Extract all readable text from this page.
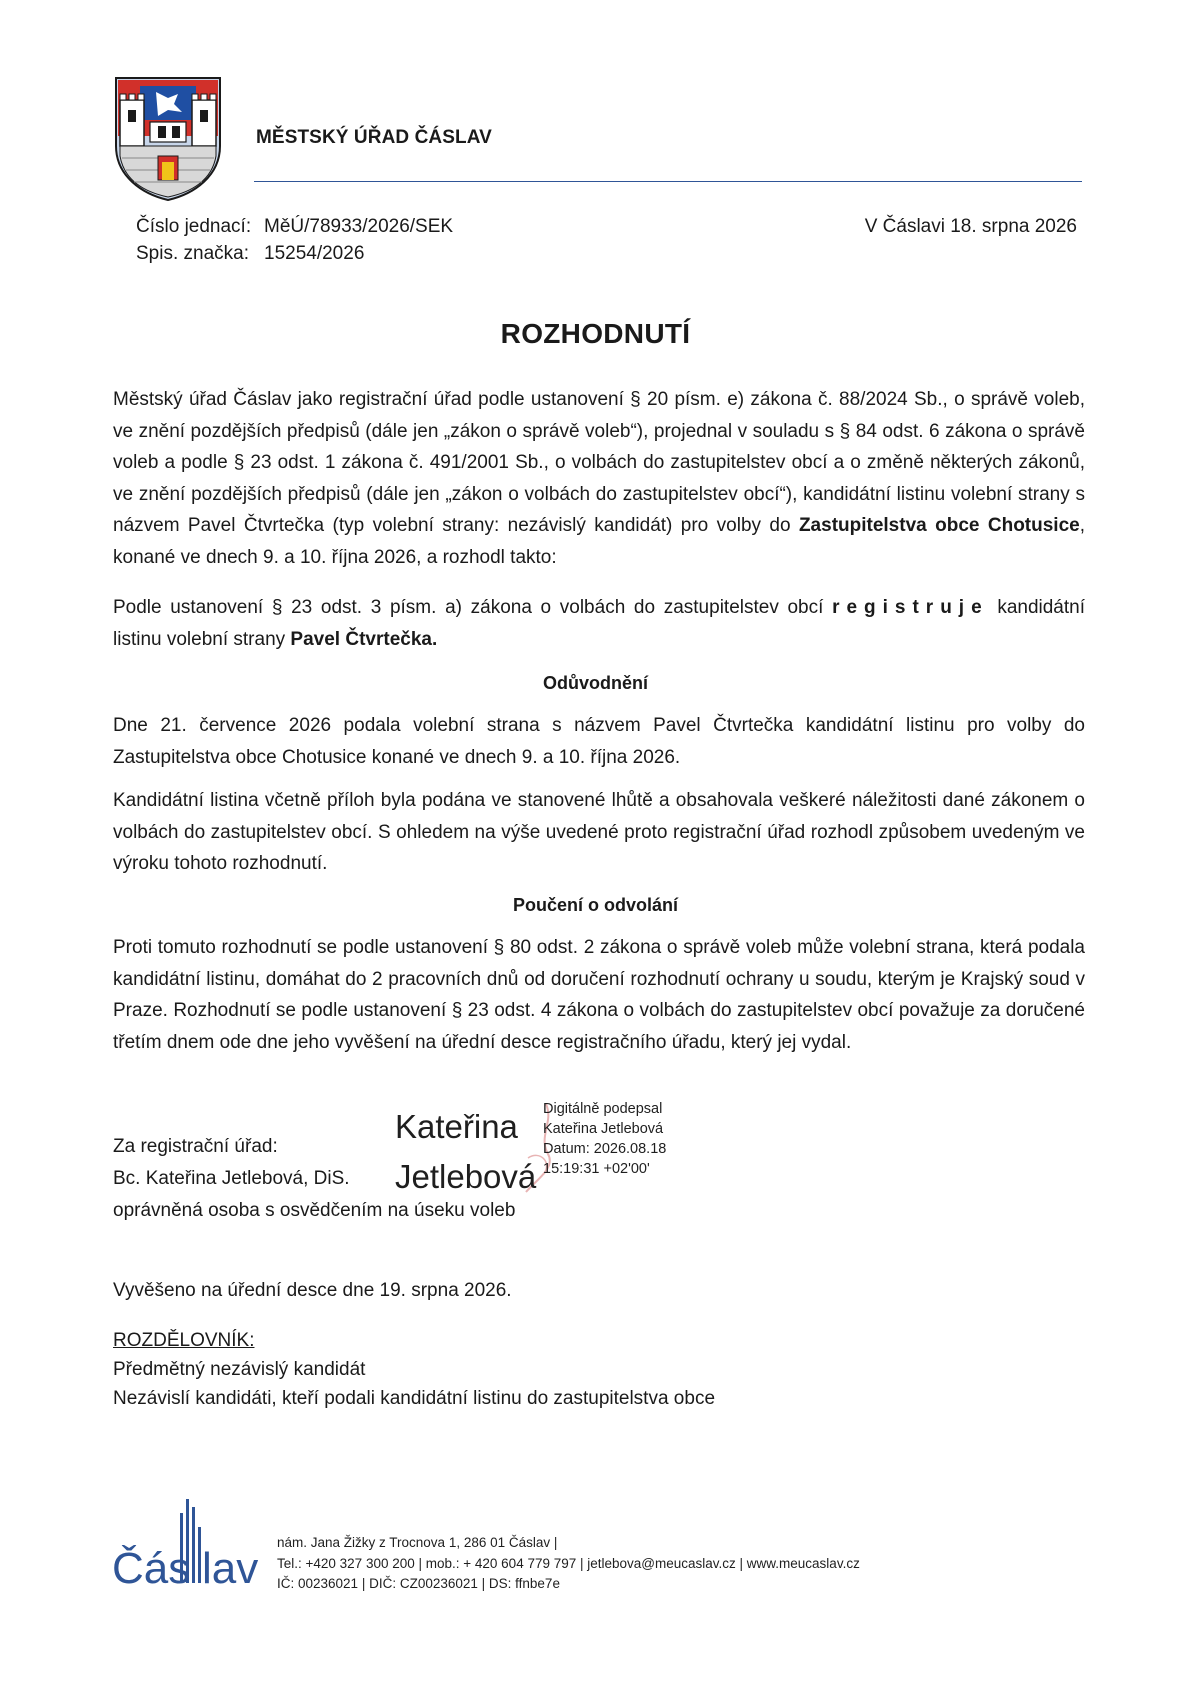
MĚSTSKÝ ÚŘAD ČÁSLAV
Číslo jednací: MěÚ/78933/2026/SEK
Spis. značka: 15254/2026
V Čáslavi 18. srpna 2026
ROZHODNUTÍ

Městský úřad Čáslav jako registrační úřad podle ustanovení § 20 písm. e) zákona č. 88/2024 Sb., o správě voleb, ve znění pozdějších předpisů (dále jen „zákon o správě voleb“), projednal v souladu s § 84 odst. 6 zákona o správě voleb a podle § 23 odst. 1 zákona č. 491/2001 Sb., o volbách do zastupitelstev obcí a o změně některých zákonů, ve znění pozdějších předpisů (dále jen „zákon o volbách do zastupitelstev obcí“), kandidátní listinu volební strany s názvem Pavel Čtvrtečka (typ volební strany: nezávislý kandidát) pro volby do Zastupitelstva obce Chotusice, konané ve dnech 9. a 10. října 2026, a rozhodl takto:

Podle ustanovení § 23 odst. 3 písm. a) zákona o volbách do zastupitelstev obcí registruje kandidátní listinu volební strany Pavel Čtvrtečka.

Odůvodnění

Dne 21. července 2026 podala volební strana s názvem Pavel Čtvrtečka kandidátní listinu pro volby do Zastupitelstva obce Chotusice konané ve dnech 9. a 10. října 2026.

Kandidátní listina včetně příloh byla podána ve stanovené lhůtě a obsahovala veškeré náležitosti dané zákonem o volbách do zastupitelstev obcí. S ohledem na výše uvedené proto registrační úřad rozhodl způsobem uvedeným ve výroku tohoto rozhodnutí.

Poučení o odvolání

Proti tomuto rozhodnutí se podle ustanovení § 80 odst. 2 zákona o správě voleb může volební strana, která podala kandidátní listinu, domáhat do 2 pracovních dnů od doručení rozhodnutí ochrany u soudu, kterým je Krajský soud v Praze. Rozhodnutí se podle ustanovení § 23 odst. 4 zákona o volbách do zastupitelstev obcí považuje za doručené třetím dnem ode dne jeho vyvěšení na úřední desce registračního úřadu, který jej vydal.

Za registrační úřad:
Bc. Kateřina Jetlebová, DiS.
oprávněná osoba s osvědčením na úseku voleb
Kateřina
Jetlebová
Digitálně podepsal
Kateřina Jetlebová
Datum: 2026.08.18
15:19:31 +02'00'
Vyvěšeno na úřední desce dne 19. srpna 2026.
ROZDĚLOVNÍK:
Předmětný nezávislý kandidát
Nezávislí kandidáti, kteří podali kandidátní listinu do zastupitelstva obce
Čás lav
nám. Jana Žižky z Trocnova 1, 286 01 Čáslav |
Tel.: +420 327 300 200 | mob.: + 420 604 779 797 | jetlebova@meucaslav.cz | www.meucaslav.cz
IČ: 00236021 | DIČ: CZ00236021 | DS: ffnbe7e
